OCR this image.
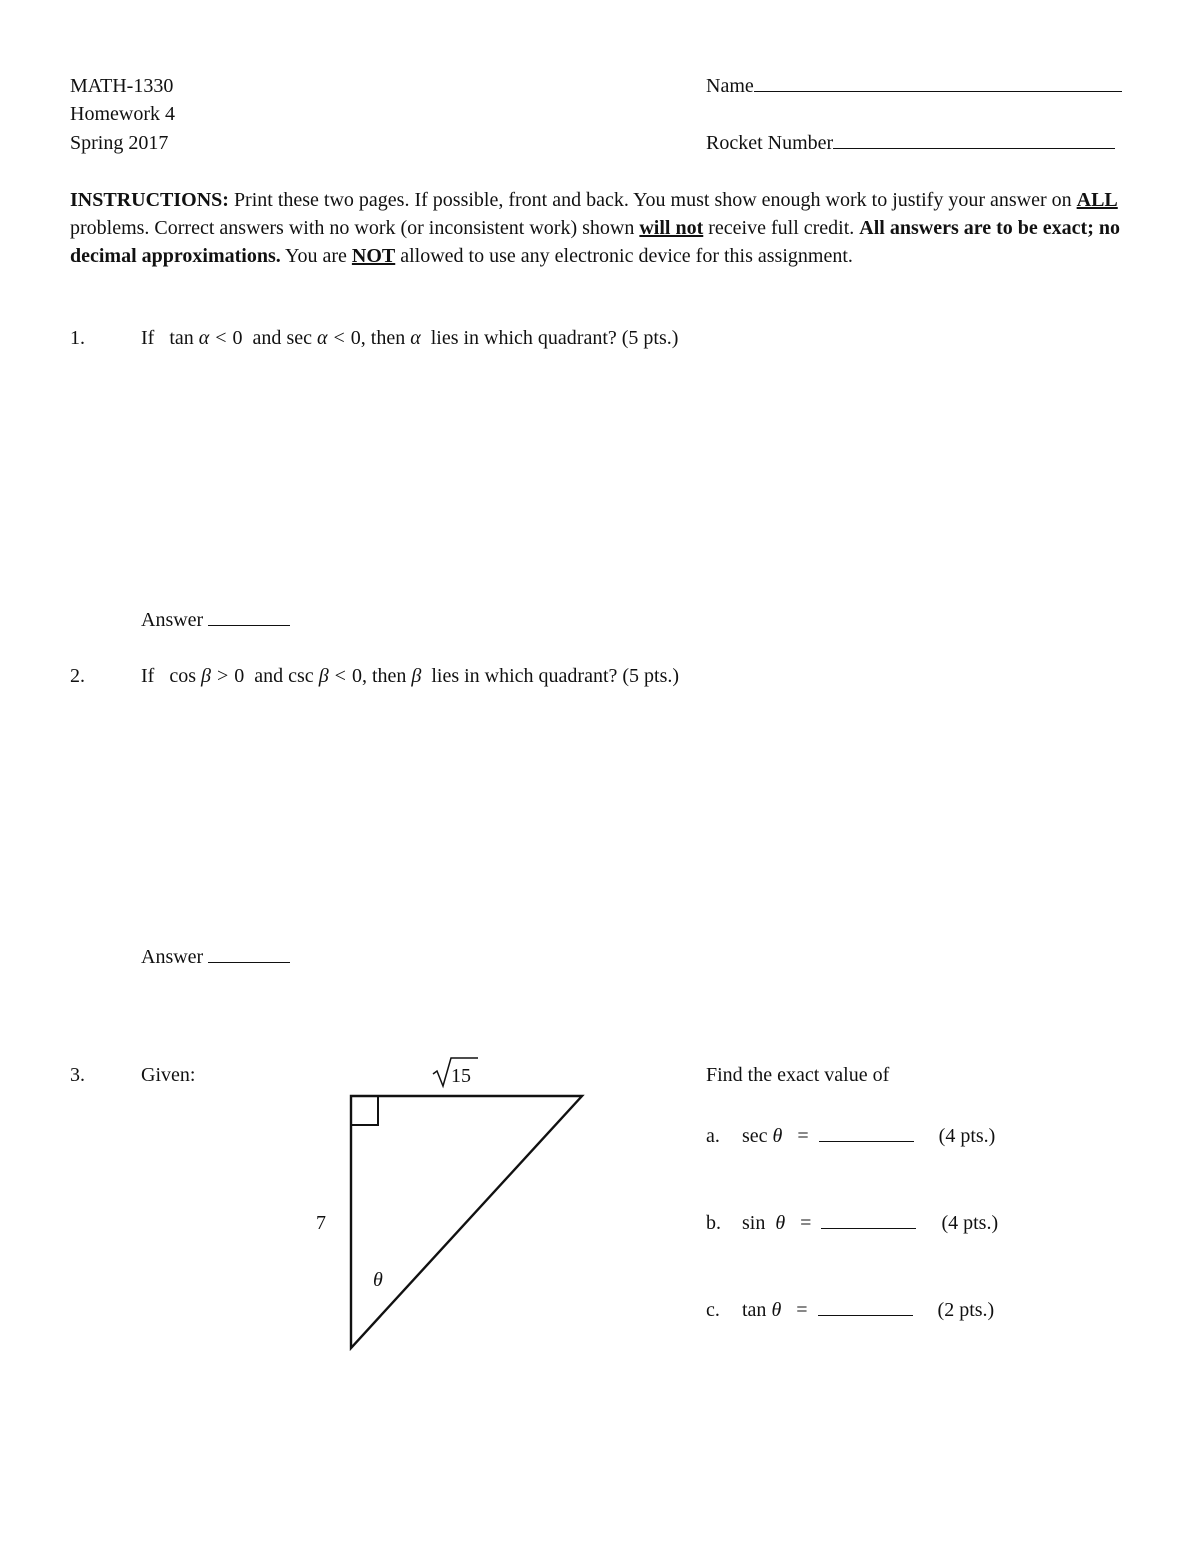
MATH-1330
Homework 4
Spring 2017
Name
Rocket Number
INSTRUCTIONS: Print these two pages. If possible, front and back. You must show enough work to justify your answer on ALL problems. Correct answers with no work (or inconsistent work) shown will not receive full credit. All answers are to be exact; no decimal approximations. You are NOT allowed to use any electronic device for this assignment.
1.	If tan α < 0 and sec α < 0, then α lies in which quadrant? (5 pts.)
Answer
2.	If cos β > 0 and csc β < 0, then β lies in which quadrant? (5 pts.)
Answer
3.	Given:	15
7
θ
Find the exact value of
a. sec θ =	(4 pts.)
b. sin θ =	(4 pts.)
c. tan θ =	(2 pts.)
